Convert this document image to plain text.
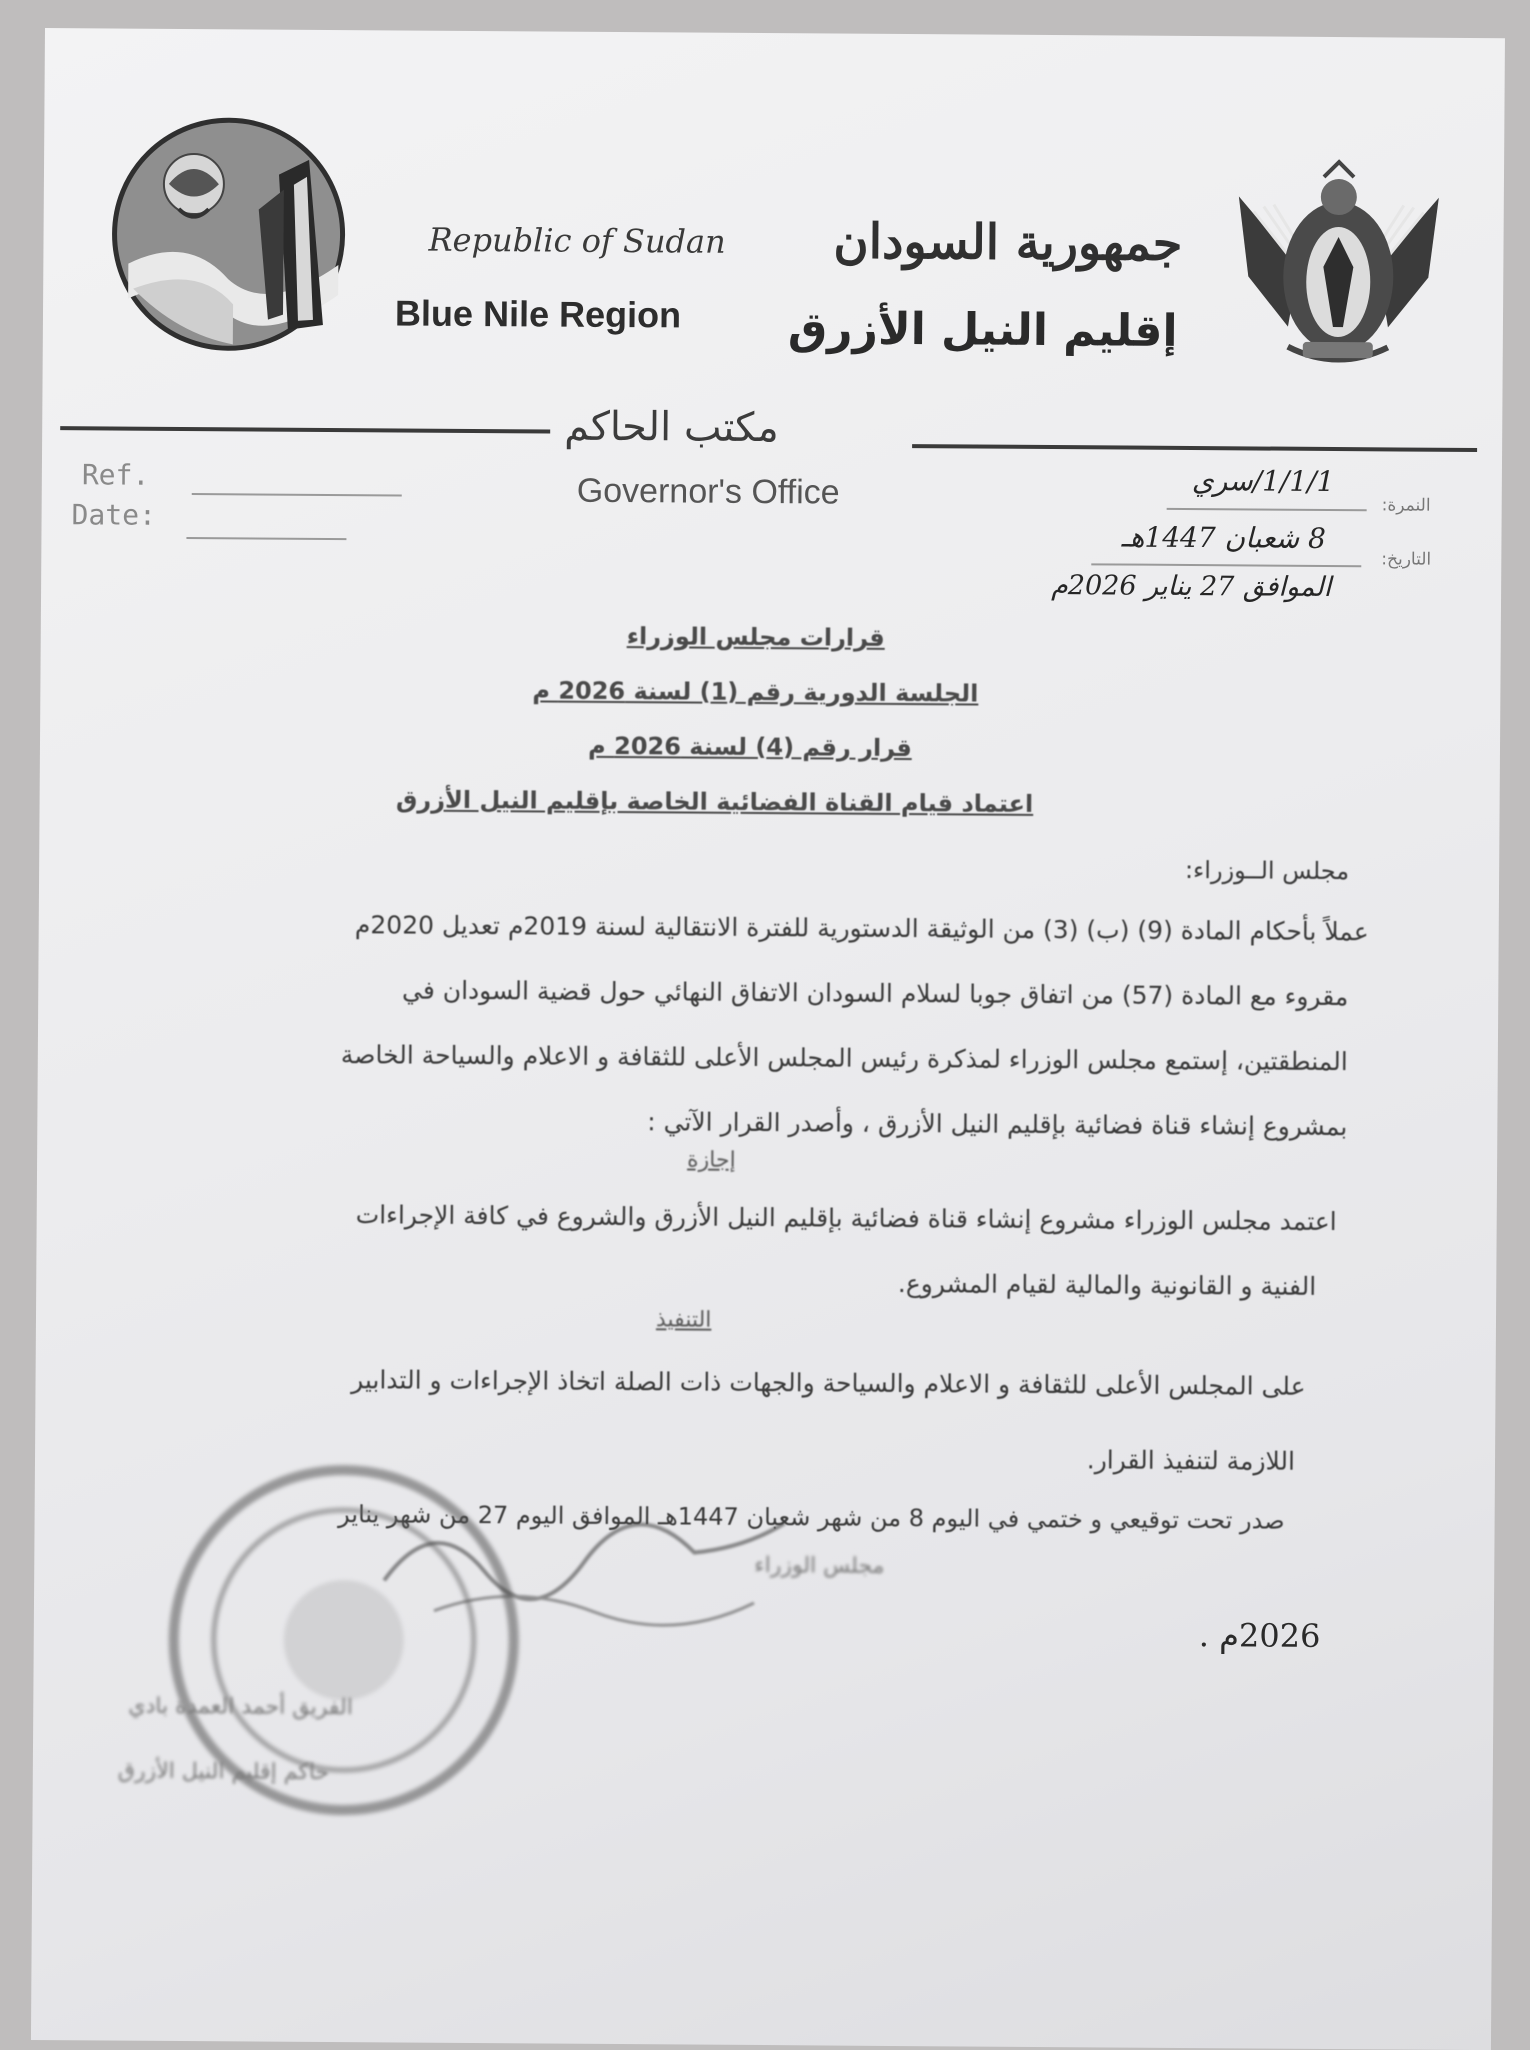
Republic of Sudan
Blue Nile Region
جمهورية السودان
إقليم النيل الأزرق
مكتب الحاكم
Governor's Office
Ref.
Date:	النمرة:
التاريخ:
1/1/1/سري
8 شعبان 1447هـ
الموافق 27 يناير 2026م
قرارات مجلس الوزراء
الجلسة الدورية رقم (1) لسنة 2026 م
قرار رقم (4) لسنة 2026 م
اعتماد قيام القناة الفضائية الخاصة بإقليم النيل الأزرق
مجلس الــوزراء:
عملاً بأحكام المادة (9) (ب) (3) من الوثيقة الدستورية للفترة الانتقالية لسنة 2019م تعديل 2020م
مقروء مع المادة (57) من اتفاق جوبا لسلام السودان الاتفاق النهائي حول قضية السودان في
المنطقتين، إستمع مجلس الوزراء لمذكرة رئيس المجلس الأعلى للثقافة و الاعلام والسياحة الخاصة
بمشروع إنشاء قناة فضائية بإقليم النيل الأزرق ، وأصدر القرار الآتي :
إجازة
اعتمد مجلس الوزراء مشروع إنشاء قناة فضائية بإقليم النيل الأزرق والشروع في كافة الإجراءات
الفنية و القانونية والمالية لقيام المشروع.
التنفيذ
على المجلس الأعلى للثقافة و الاعلام والسياحة والجهات ذات الصلة اتخاذ الإجراءات و التدابير
اللازمة لتنفيذ القرار.
صدر تحت توقيعي و ختمي في اليوم 8 من شهر شعبان 1447هـ الموافق اليوم 27 من شهر يناير
2026م .
مجلس الوزراء
الفريق أحمد العمدة بادي
حاكم إقليم النيل الأزرق
